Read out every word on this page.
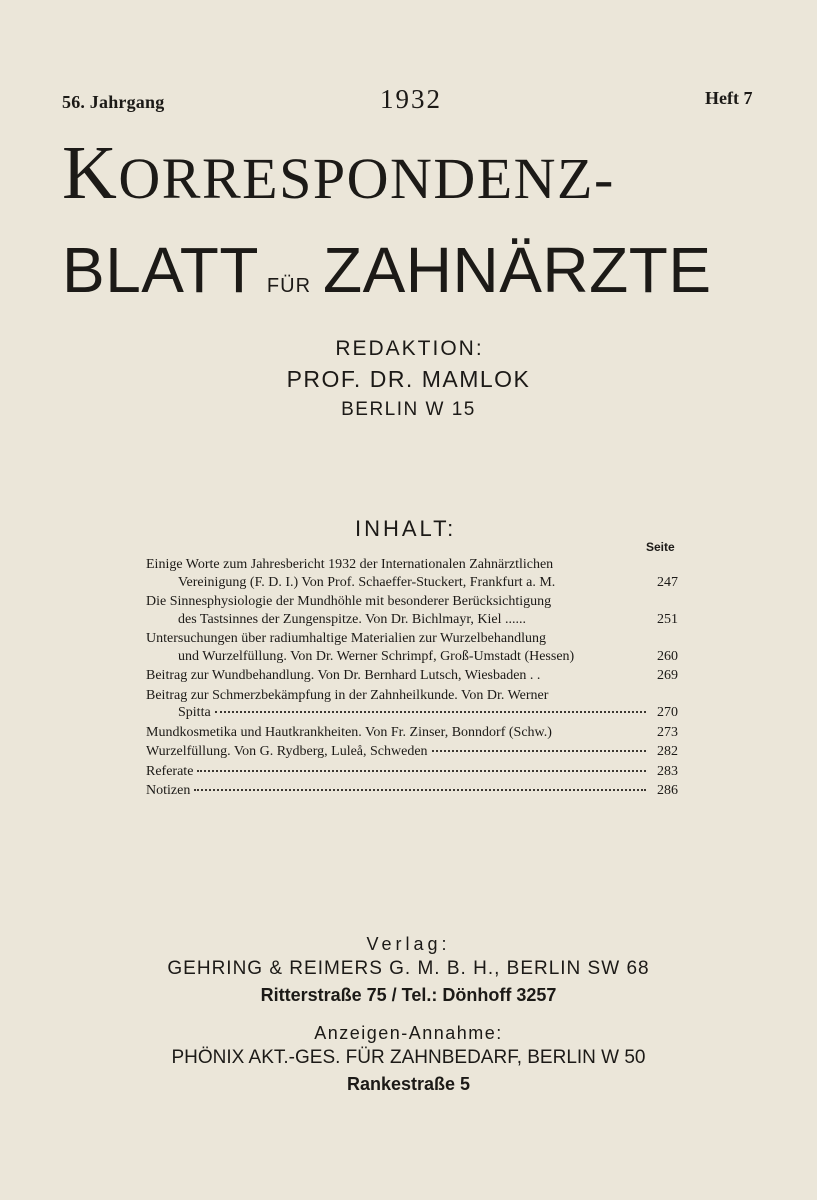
56. Jahrgang	1932	Heft 7
KORRESPONDENZ-
BLATT FÜR ZAHNÄRZTE
REDAKTION:
PROF. DR. MAMLOK
BERLIN W 15
INHALT:
Seite
Einige Worte zum Jahresbericht 1932 der Internationalen Zahnärztlichen
Vereinigung (F. D. I.) Von Prof. Schaeffer-Stuckert, Frankfurt a. M.	247
Die Sinnesphysiologie der Mundhöhle mit besonderer Berücksichtigung
des Tastsinnes der Zungenspitze. Von Dr. Bichlmayr, Kiel ......	251
Untersuchungen über radiumhaltige Materialien zur Wurzelbehandlung
und Wurzelfüllung. Von Dr. Werner Schrimpf, Groß-Umstadt (Hessen)	260
Beitrag zur Wundbehandlung. Von Dr. Bernhard Lutsch, Wiesbaden . .	269
Beitrag zur Schmerzbekämpfung in der Zahnheilkunde. Von Dr. Werner
Spitta	270
Mundkosmetika und Hautkrankheiten. Von Fr. Zinser, Bonndorf (Schw.)	273
Wurzelfüllung. Von G. Rydberg, Luleå, Schweden	282
Referate	283
Notizen	286
Verlag:
GEHRING & REIMERS G. M. B. H., BERLIN SW 68
Ritterstraße 75 / Tel.: Dönhoff 3257
Anzeigen-Annahme:
PHÖNIX AKT.-GES. FÜR ZAHNBEDARF, BERLIN W 50
Rankestraße 5
